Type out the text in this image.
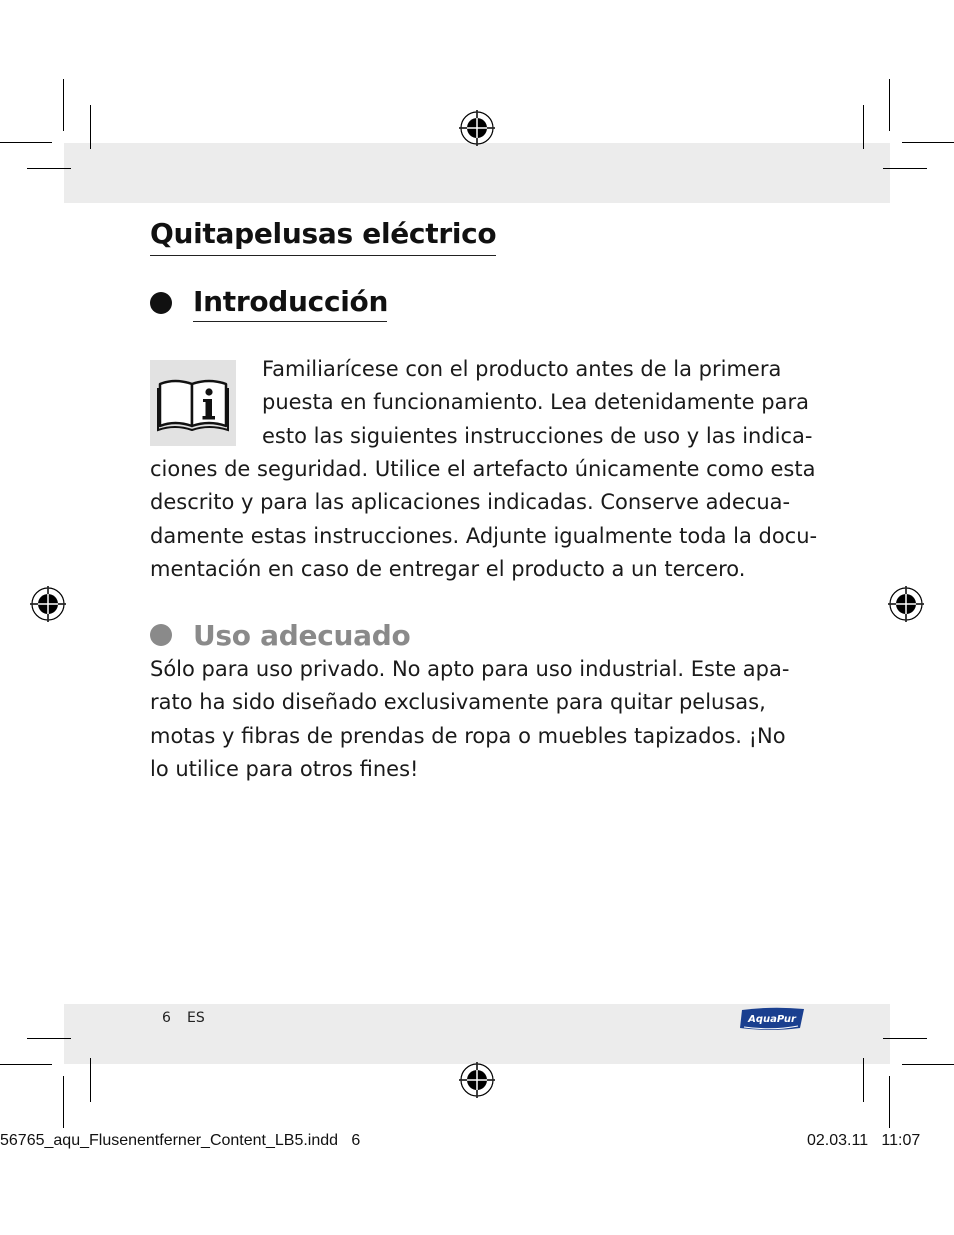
Quitapelusas eléctrico
Introducción

Familiarícese con el producto antes de la primera
puesta en funcionamiento. Lea detenidamente para
esto las siguientes instrucciones de uso y las indica-

ciones de seguridad. Utilice el artefacto únicamente como esta
descrito y para las aplicaciones indicadas. Conserve adecua-
damente estas instrucciones. Adjunte igualmente toda la docu-
mentación en caso de entregar el producto a un tercero.

Uso adecuado

Sólo para uso privado. No apto para uso industrial. Este apa-
rato ha sido diseñado exclusivamente para quitar pelusas,
motas y fibras de prendas de ropa o muebles tapizados. ¡No
lo utilice para otros fines!

6 ES	AquaPur
56765_aqu_Flusenentferner_Content_LB5.indd   6	02.03.11   11:07
